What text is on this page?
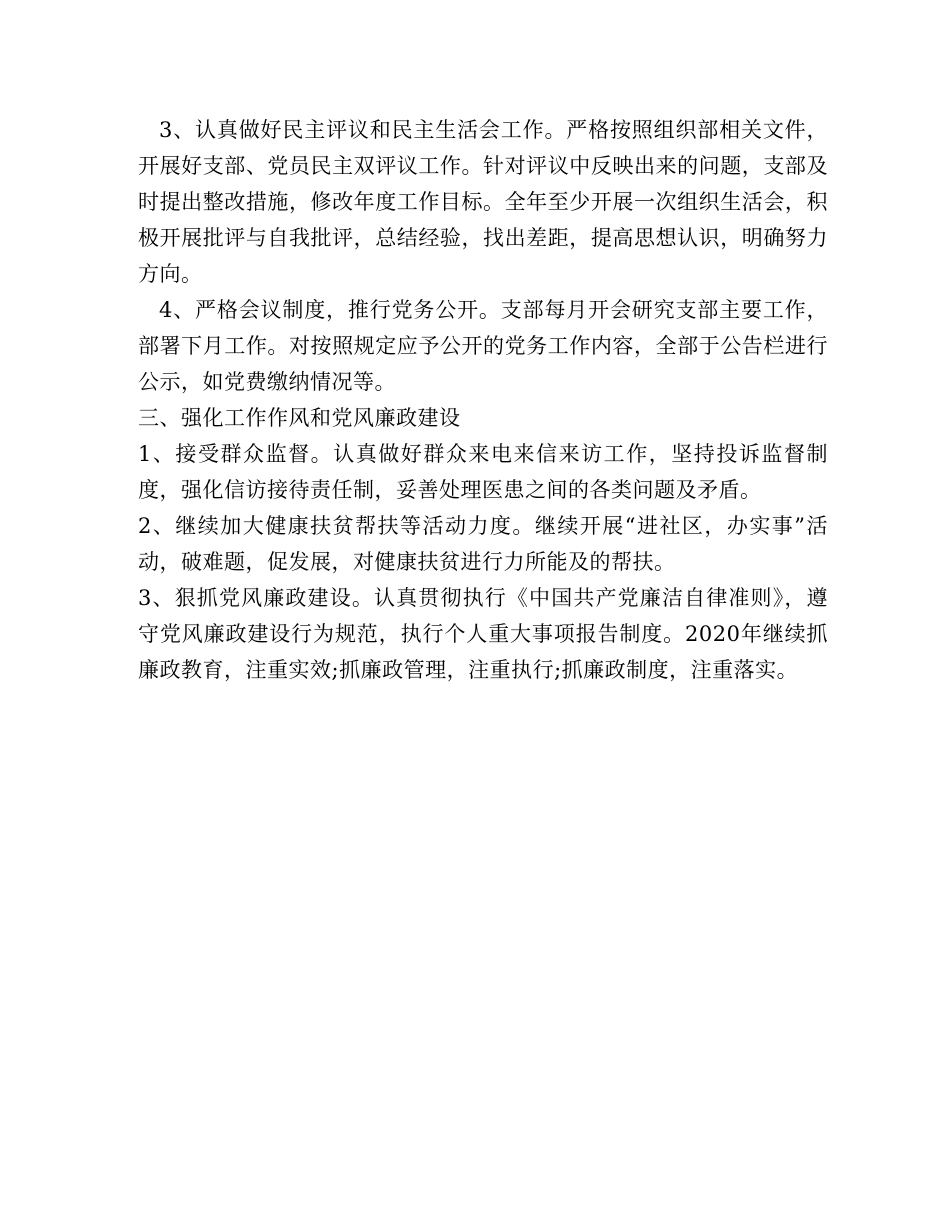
3、认真做好民主评议和民主生活会工作。严格按照组织部相关文件，开展好支部、党员民主双评议工作。针对评议中反映出来的问题，支部及时提出整改措施，修改年度工作目标。全年至少开展一次组织生活会，积极开展批评与自我批评，总结经验，找出差距，提高思想认识，明确努力方向。

4、严格会议制度，推行党务公开。支部每月开会研究支部主要工作，部署下月工作。对按照规定应予公开的党务工作内容，全部于公告栏进行公示，如党费缴纳情况等。

三、强化工作作风和党风廉政建设

1、接受群众监督。认真做好群众来电来信来访工作，坚持投诉监督制度，强化信访接待责任制，妥善处理医患之间的各类问题及矛盾。

2、继续加大健康扶贫帮扶等活动力度。继续开展“进社区，办实事”活动，破难题，促发展，对健康扶贫进行力所能及的帮扶。

3、狠抓党风廉政建设。认真贯彻执行《中国共产党廉洁自律准则》，遵守党风廉政建设行为规范，执行个人重大事项报告制度。2020年继续抓廉政教育，注重实效;抓廉政管理，注重执行;抓廉政制度，注重落实。
